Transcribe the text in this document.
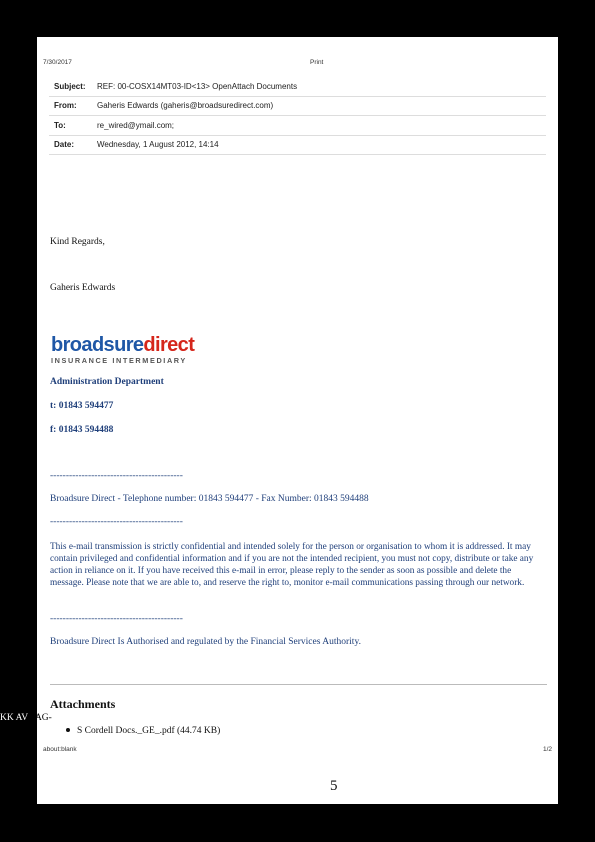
7/30/2017	Print
Subject:	REF: 00-COSX14MT03-ID<13> OpenAttach Documents
From:	Gaheris Edwards (gaheris@broadsuredirect.com)
To:	re_wired@ymail.com;
Date:	Wednesday, 1 August 2012, 14:14
Kind Regards,
Gaheris Edwards
broadsuredirect
INSURANCE INTERMEDIARY
Administration Department
t: 01843 594477
f: 01843 594488
------------------------------------------
Broadsure Direct - Telephone number: 01843 594477 - Fax Number: 01843 594488
------------------------------------------
This e-mail transmission is strictly confidential and intended solely for the person or organisation to whom it is addressed. It may contain privileged and confidential information and if you are not the intended recipient, you must not copy, distribute or take any action in reliance on it. If you have received this e-mail in error, please reply to the sender as soon as possible and delete the message. Please note that we are able to, and reserve the right to, monitor e-mail communications passing through our network.
------------------------------------------
Broadsure Direct Is Authorised and regulated by the Financial Services Authority.
Attachments
S Cordell Docs._GE_.pdf (44.74 KB)
about:blank	1/2
5
KK AVNAG-
